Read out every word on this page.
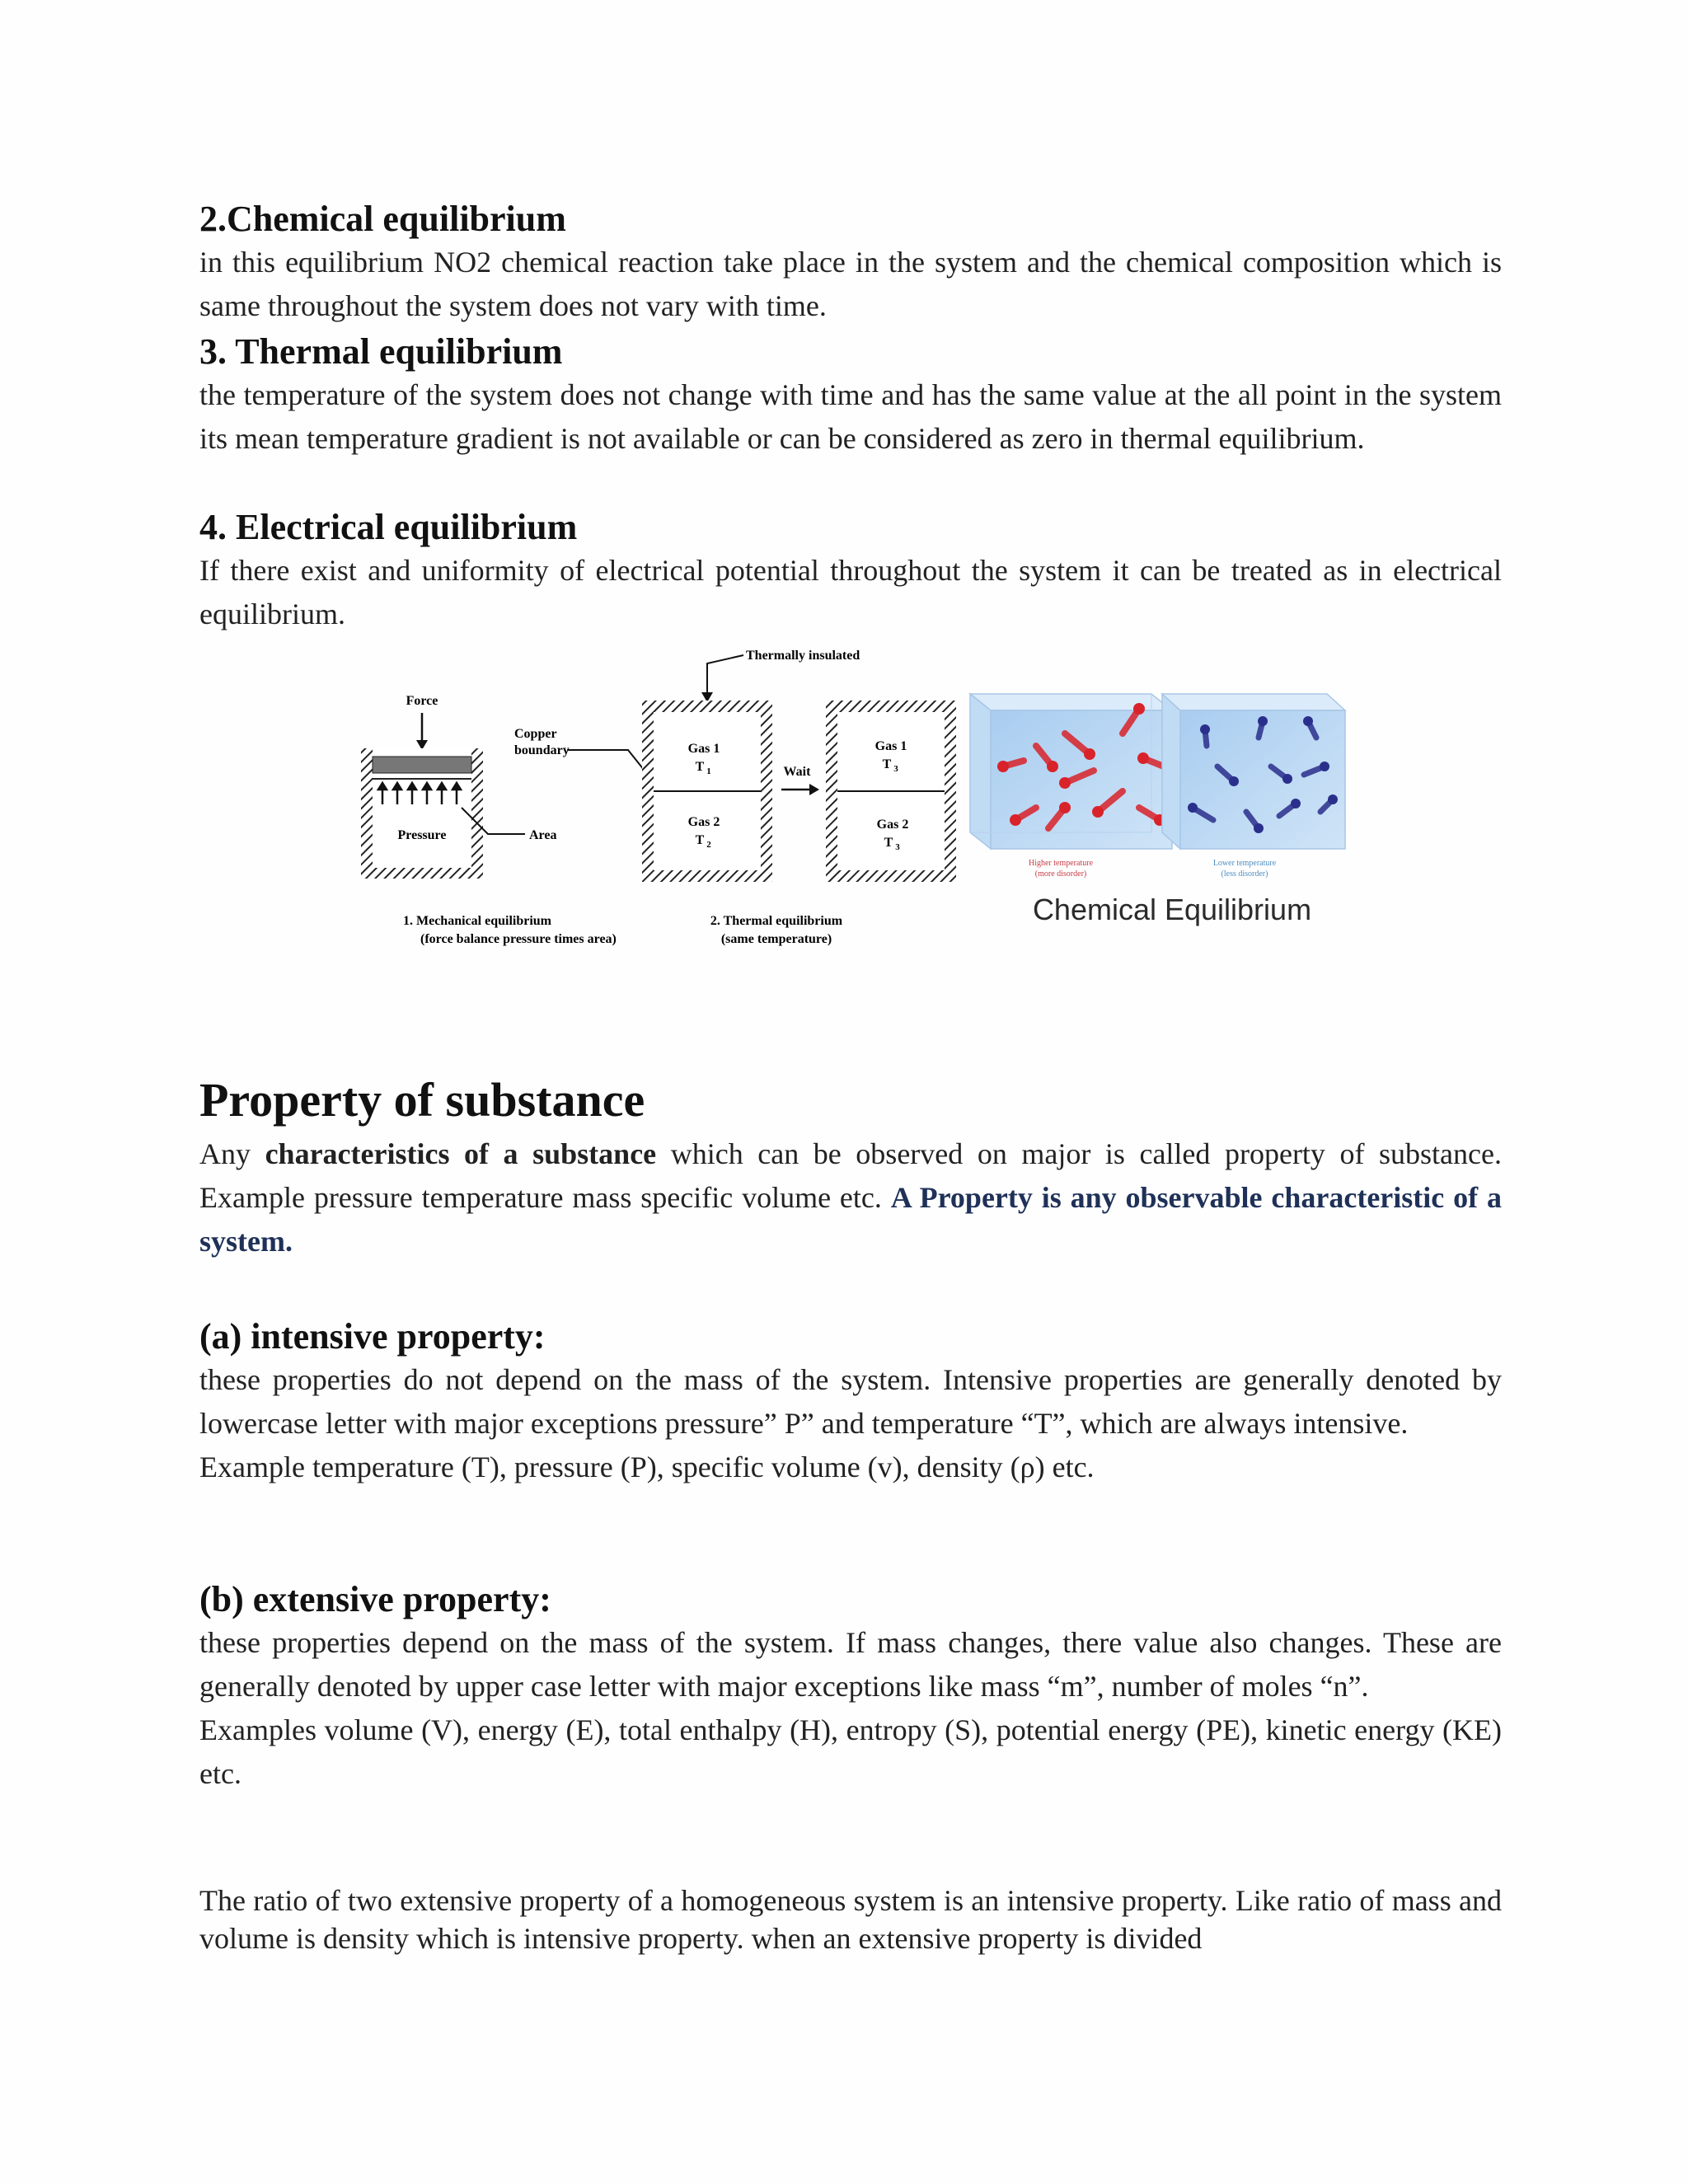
2.Chemical equilibrium

in this equilibrium NO2 chemical reaction take place in the system and the chemical composition which is same throughout the system does not vary with time.

3. Thermal equilibrium

the temperature of the system does not change with time and has the same value at the all point in the system its mean temperature gradient is not available or can be considered as zero in thermal equilibrium.

4. Electrical equilibrium

If there exist and uniformity of electrical potential throughout the system it can be treated as in electrical equilibrium.

Force
Pressure
Copper
boundary
Area
1. Mechanical equilibrium
(force balance pressure times area)
Thermally insulated
Gas 1
T 1
Gas 2
T 2
Wait
Gas 1
T 3
Gas 2
T 3
2. Thermal equilibrium
(same temperature)
Higher temperature
(more disorder)
Lower temperature
(less disorder)
Chemical Equilibrium
Property of substance

Any characteristics of a substance which can be observed on major is called property of substance. Example pressure temperature mass specific volume etc. A Property is any observable characteristic of a system.

(a) intensive property:

these properties do not depend on the mass of the system. Intensive properties are generally denoted by lowercase letter with major exceptions pressure” P” and temperature “T”, which are always intensive.

Example temperature (T), pressure (P), specific volume (v), density (ρ) etc.

(b) extensive property:

these properties depend on the mass of the system. If mass changes, there value also changes. These are generally denoted by upper case letter with major exceptions like mass “m”, number of moles “n”.

Examples volume (V), energy (E), total enthalpy (H), entropy (S), potential energy (PE), kinetic energy (KE) etc.

The ratio of two extensive property of a homogeneous system is an intensive property. Like ratio of mass and volume is density which is intensive property. when an extensive property is divided
